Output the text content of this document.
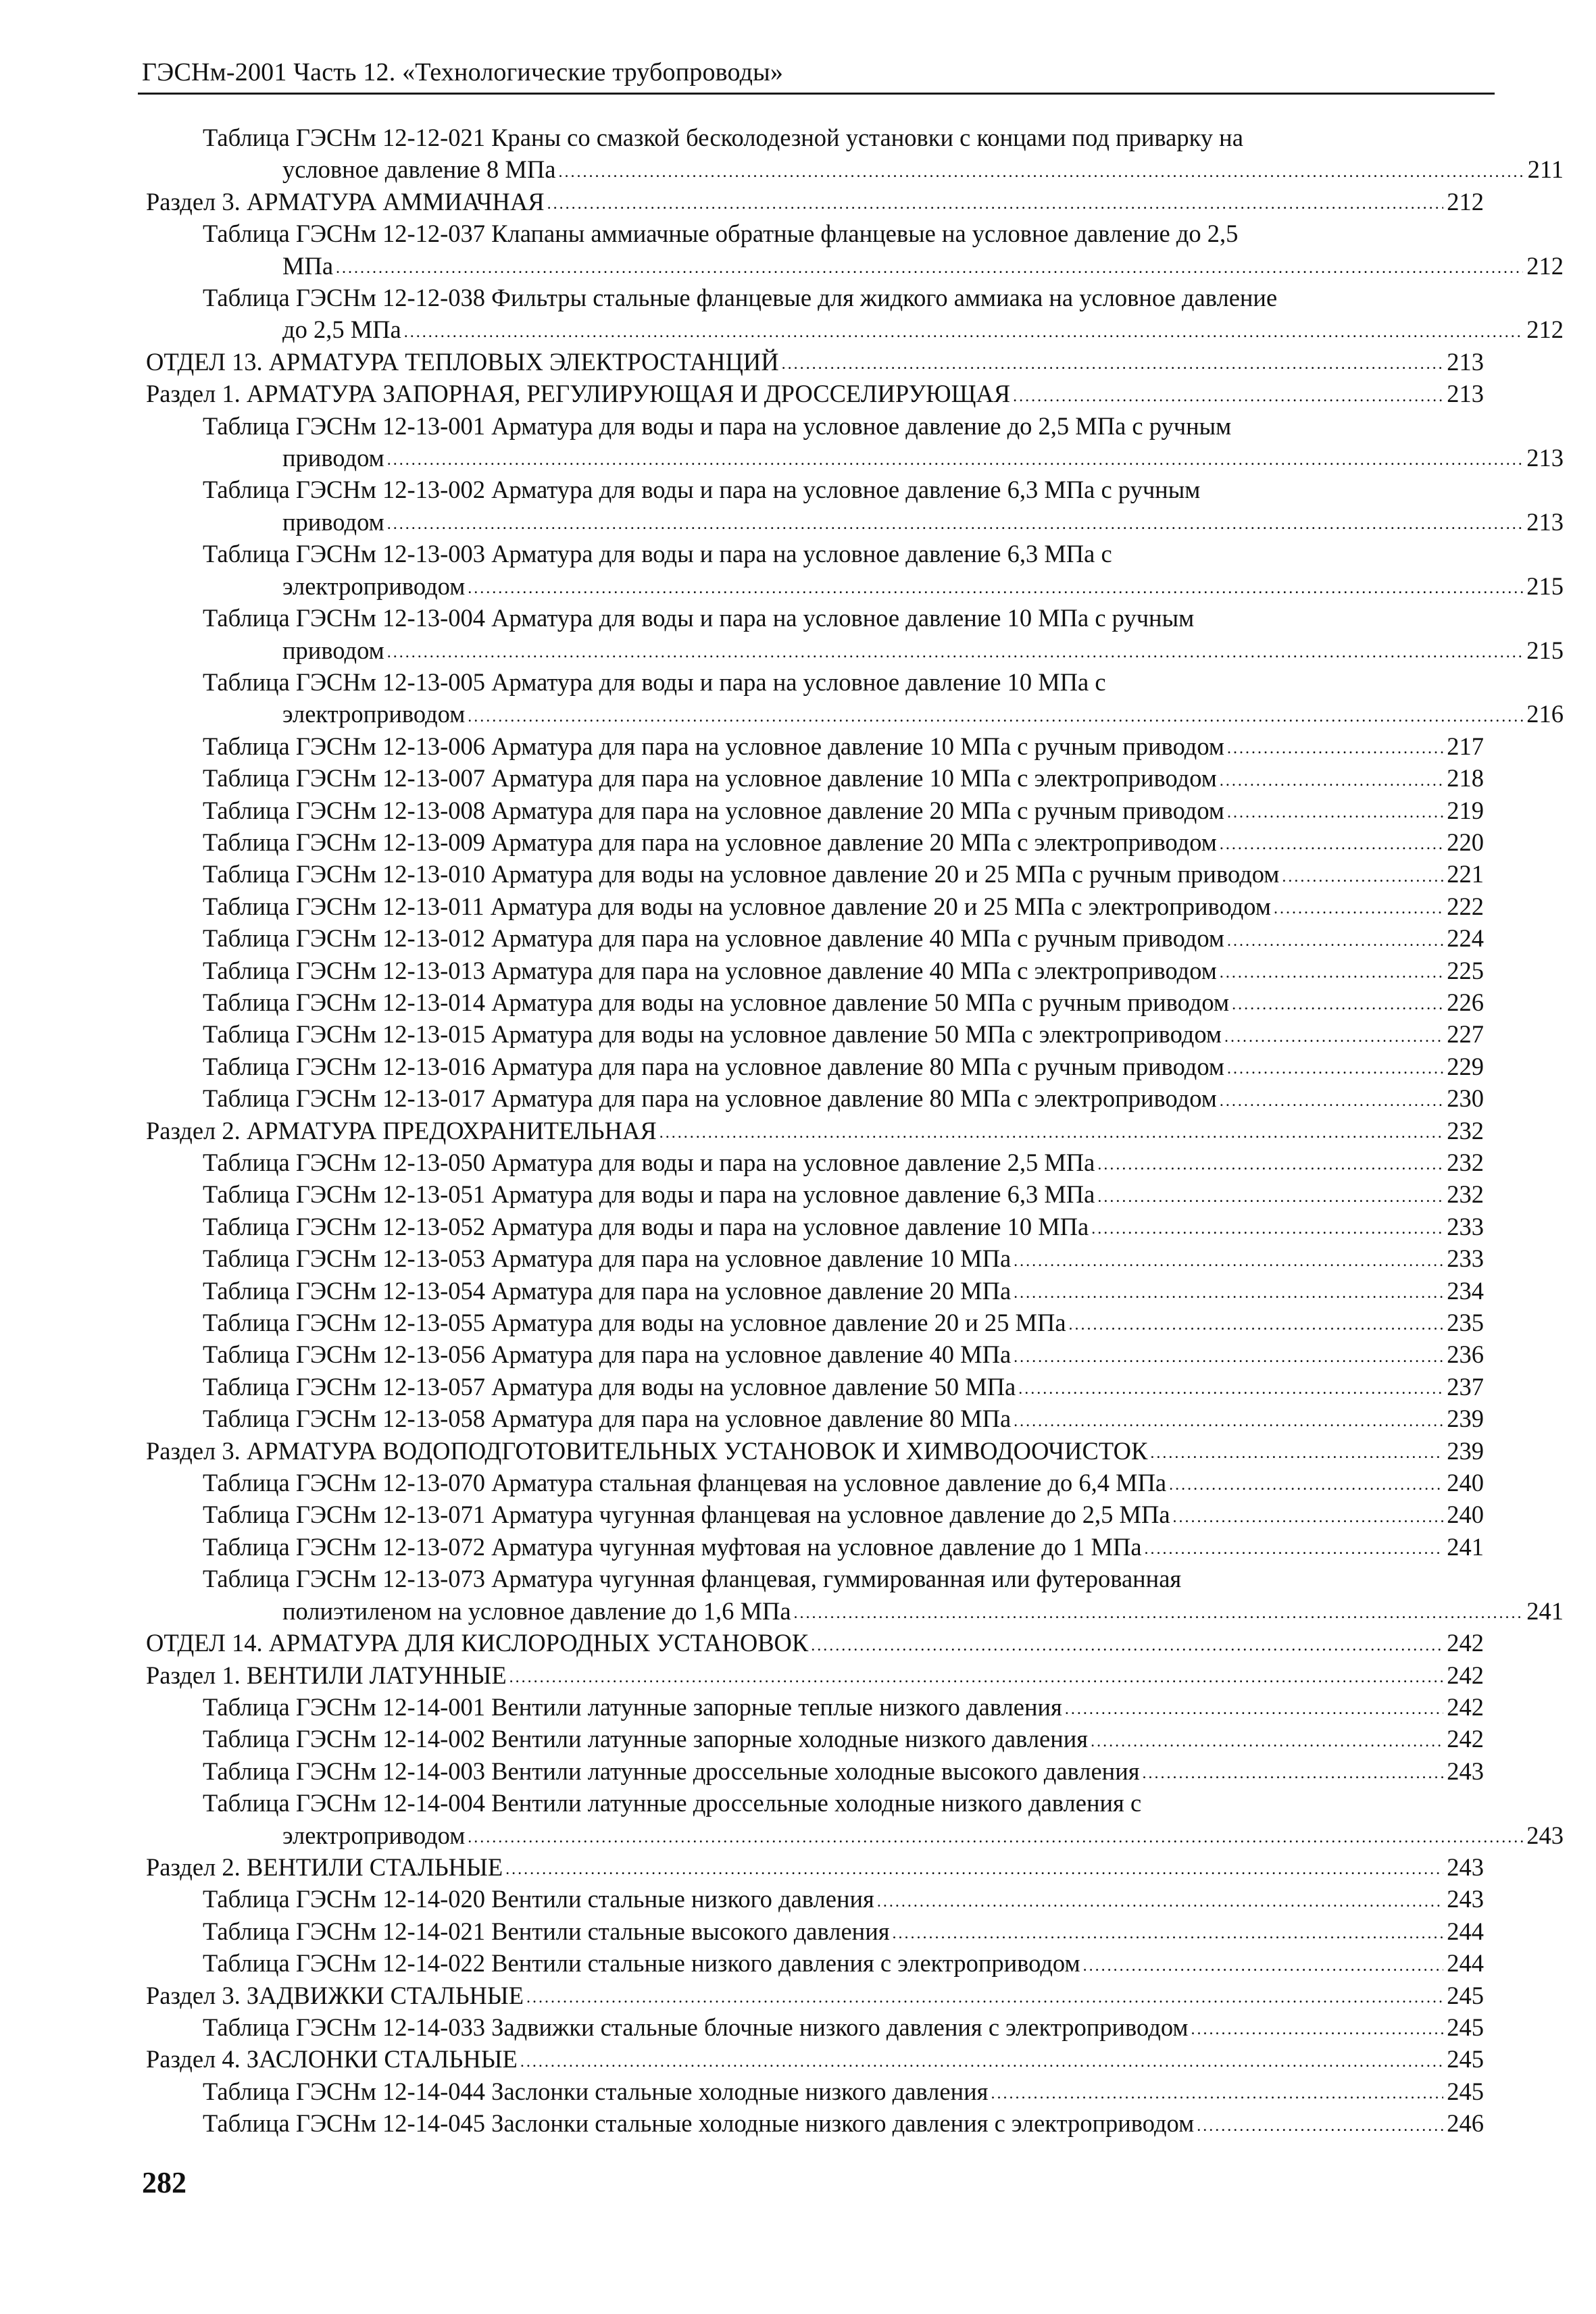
ГЭСНм-2001 Часть 12. «Технологические трубопроводы»
Таблица ГЭСНм 12-12-021 Краны со смазкой бесколодезной установки с концами под приварку на
условное давление 8 МПа .....	211
Раздел 3. АРМАТУРА АММИАЧНАЯ .....	212
Таблица ГЭСНм 12-12-037 Клапаны аммиачные обратные фланцевые на условное давление до 2,5
МПа .....	212
Таблица ГЭСНм 12-12-038 Фильтры стальные фланцевые для жидкого аммиака на условное давление
до 2,5 МПа .....	212
ОТДЕЛ 13. АРМАТУРА ТЕПЛОВЫХ ЭЛЕКТРОСТАНЦИЙ .....	213
Раздел 1. АРМАТУРА ЗАПОРНАЯ, РЕГУЛИРУЮЩАЯ И ДРОССЕЛИРУЮЩАЯ .....	213
Таблица ГЭСНм 12-13-001 Арматура для воды и пара на условное давление до 2,5 МПа с ручным
приводом .....	213
Таблица ГЭСНм 12-13-002 Арматура для воды и пара на условное давление 6,3 МПа с ручным
приводом .....	213
Таблица ГЭСНм 12-13-003 Арматура для воды и пара на условное давление 6,3 МПа с
электроприводом .....	215
Таблица ГЭСНм 12-13-004 Арматура для воды и пара на условное давление 10 МПа с ручным
приводом .....	215
Таблица ГЭСНм 12-13-005 Арматура для воды и пара на условное давление 10 МПа с
электроприводом .....	216
Таблица ГЭСНм 12-13-006 Арматура для пара на условное давление 10 МПа с ручным приводом .....	217
Таблица ГЭСНм 12-13-007 Арматура для пара на условное давление 10 МПа с электроприводом .....	218
Таблица ГЭСНм 12-13-008 Арматура для пара на условное давление 20 МПа с ручным приводом .....	219
Таблица ГЭСНм 12-13-009 Арматура для пара на условное давление 20 МПа с электроприводом .....	220
Таблица ГЭСНм 12-13-010 Арматура для воды на условное давление 20 и 25 МПа с ручным приводом .....	221
Таблица ГЭСНм 12-13-011 Арматура для воды на условное давление 20 и 25 МПа с электроприводом .....	222
Таблица ГЭСНм 12-13-012 Арматура для пара на условное давление 40 МПа с ручным приводом .....	224
Таблица ГЭСНм 12-13-013 Арматура для пара на условное давление 40 МПа с электроприводом .....	225
Таблица ГЭСНм 12-13-014 Арматура для воды на условное давление 50 МПа с ручным приводом .....	226
Таблица ГЭСНм 12-13-015 Арматура для воды на условное давление 50 МПа с электроприводом .....	227
Таблица ГЭСНм 12-13-016 Арматура для пара на условное давление 80 МПа с ручным приводом .....	229
Таблица ГЭСНм 12-13-017 Арматура для пара на условное давление 80 МПа с электроприводом .....	230
Раздел 2. АРМАТУРА ПРЕДОХРАНИТЕЛЬНАЯ .....	232
Таблица ГЭСНм 12-13-050 Арматура для воды и пара на условное давление 2,5 МПа .....	232
Таблица ГЭСНм 12-13-051 Арматура для воды и пара на условное давление 6,3 МПа .....	232
Таблица ГЭСНм 12-13-052 Арматура для воды и пара на условное давление 10 МПа .....	233
Таблица ГЭСНм 12-13-053 Арматура для пара на условное давление 10 МПа .....	233
Таблица ГЭСНм 12-13-054 Арматура для пара на условное давление 20 МПа .....	234
Таблица ГЭСНм 12-13-055 Арматура для воды на условное давление 20 и 25 МПа .....	235
Таблица ГЭСНм 12-13-056 Арматура для пара на условное давление 40 МПа .....	236
Таблица ГЭСНм 12-13-057 Арматура для воды на условное давление 50 МПа .....	237
Таблица ГЭСНм 12-13-058 Арматура для пара на условное давление 80 МПа .....	239
Раздел 3. АРМАТУРА ВОДОПОДГОТОВИТЕЛЬНЫХ УСТАНОВОК И ХИМВОДООЧИСТОК .....	239
Таблица ГЭСНм 12-13-070 Арматура стальная фланцевая на условное давление до 6,4 МПа .....	240
Таблица ГЭСНм 12-13-071 Арматура чугунная фланцевая на условное давление до 2,5 МПа .....	240
Таблица ГЭСНм 12-13-072 Арматура чугунная муфтовая на условное давление до 1 МПа .....	241
Таблица ГЭСНм 12-13-073 Арматура чугунная фланцевая, гуммированная или футерованная
полиэтиленом на условное давление до 1,6 МПа .....	241
ОТДЕЛ 14. АРМАТУРА ДЛЯ КИСЛОРОДНЫХ УСТАНОВОК .....	242
Раздел 1. ВЕНТИЛИ ЛАТУННЫЕ .....	242
Таблица ГЭСНм 12-14-001 Вентили латунные запорные теплые низкого давления .....	242
Таблица ГЭСНм 12-14-002 Вентили латунные запорные холодные низкого давления .....	242
Таблица ГЭСНм 12-14-003 Вентили латунные дроссельные холодные высокого давления .....	243
Таблица ГЭСНм 12-14-004 Вентили латунные дроссельные холодные низкого давления с
электроприводом .....	243
Раздел 2. ВЕНТИЛИ СТАЛЬНЫЕ .....	243
Таблица ГЭСНм 12-14-020 Вентили стальные низкого давления .....	243
Таблица ГЭСНм 12-14-021 Вентили стальные высокого давления .....	244
Таблица ГЭСНм 12-14-022 Вентили стальные низкого давления с электроприводом .....	244
Раздел 3. ЗАДВИЖКИ СТАЛЬНЫЕ .....	245
Таблица ГЭСНм 12-14-033 Задвижки стальные блочные низкого давления с электроприводом .....	245
Раздел 4. ЗАСЛОНКИ СТАЛЬНЫЕ .....	245
Таблица ГЭСНм 12-14-044 Заслонки стальные холодные низкого давления .....	245
Таблица ГЭСНм 12-14-045 Заслонки стальные холодные низкого давления с электроприводом .....	246
282
